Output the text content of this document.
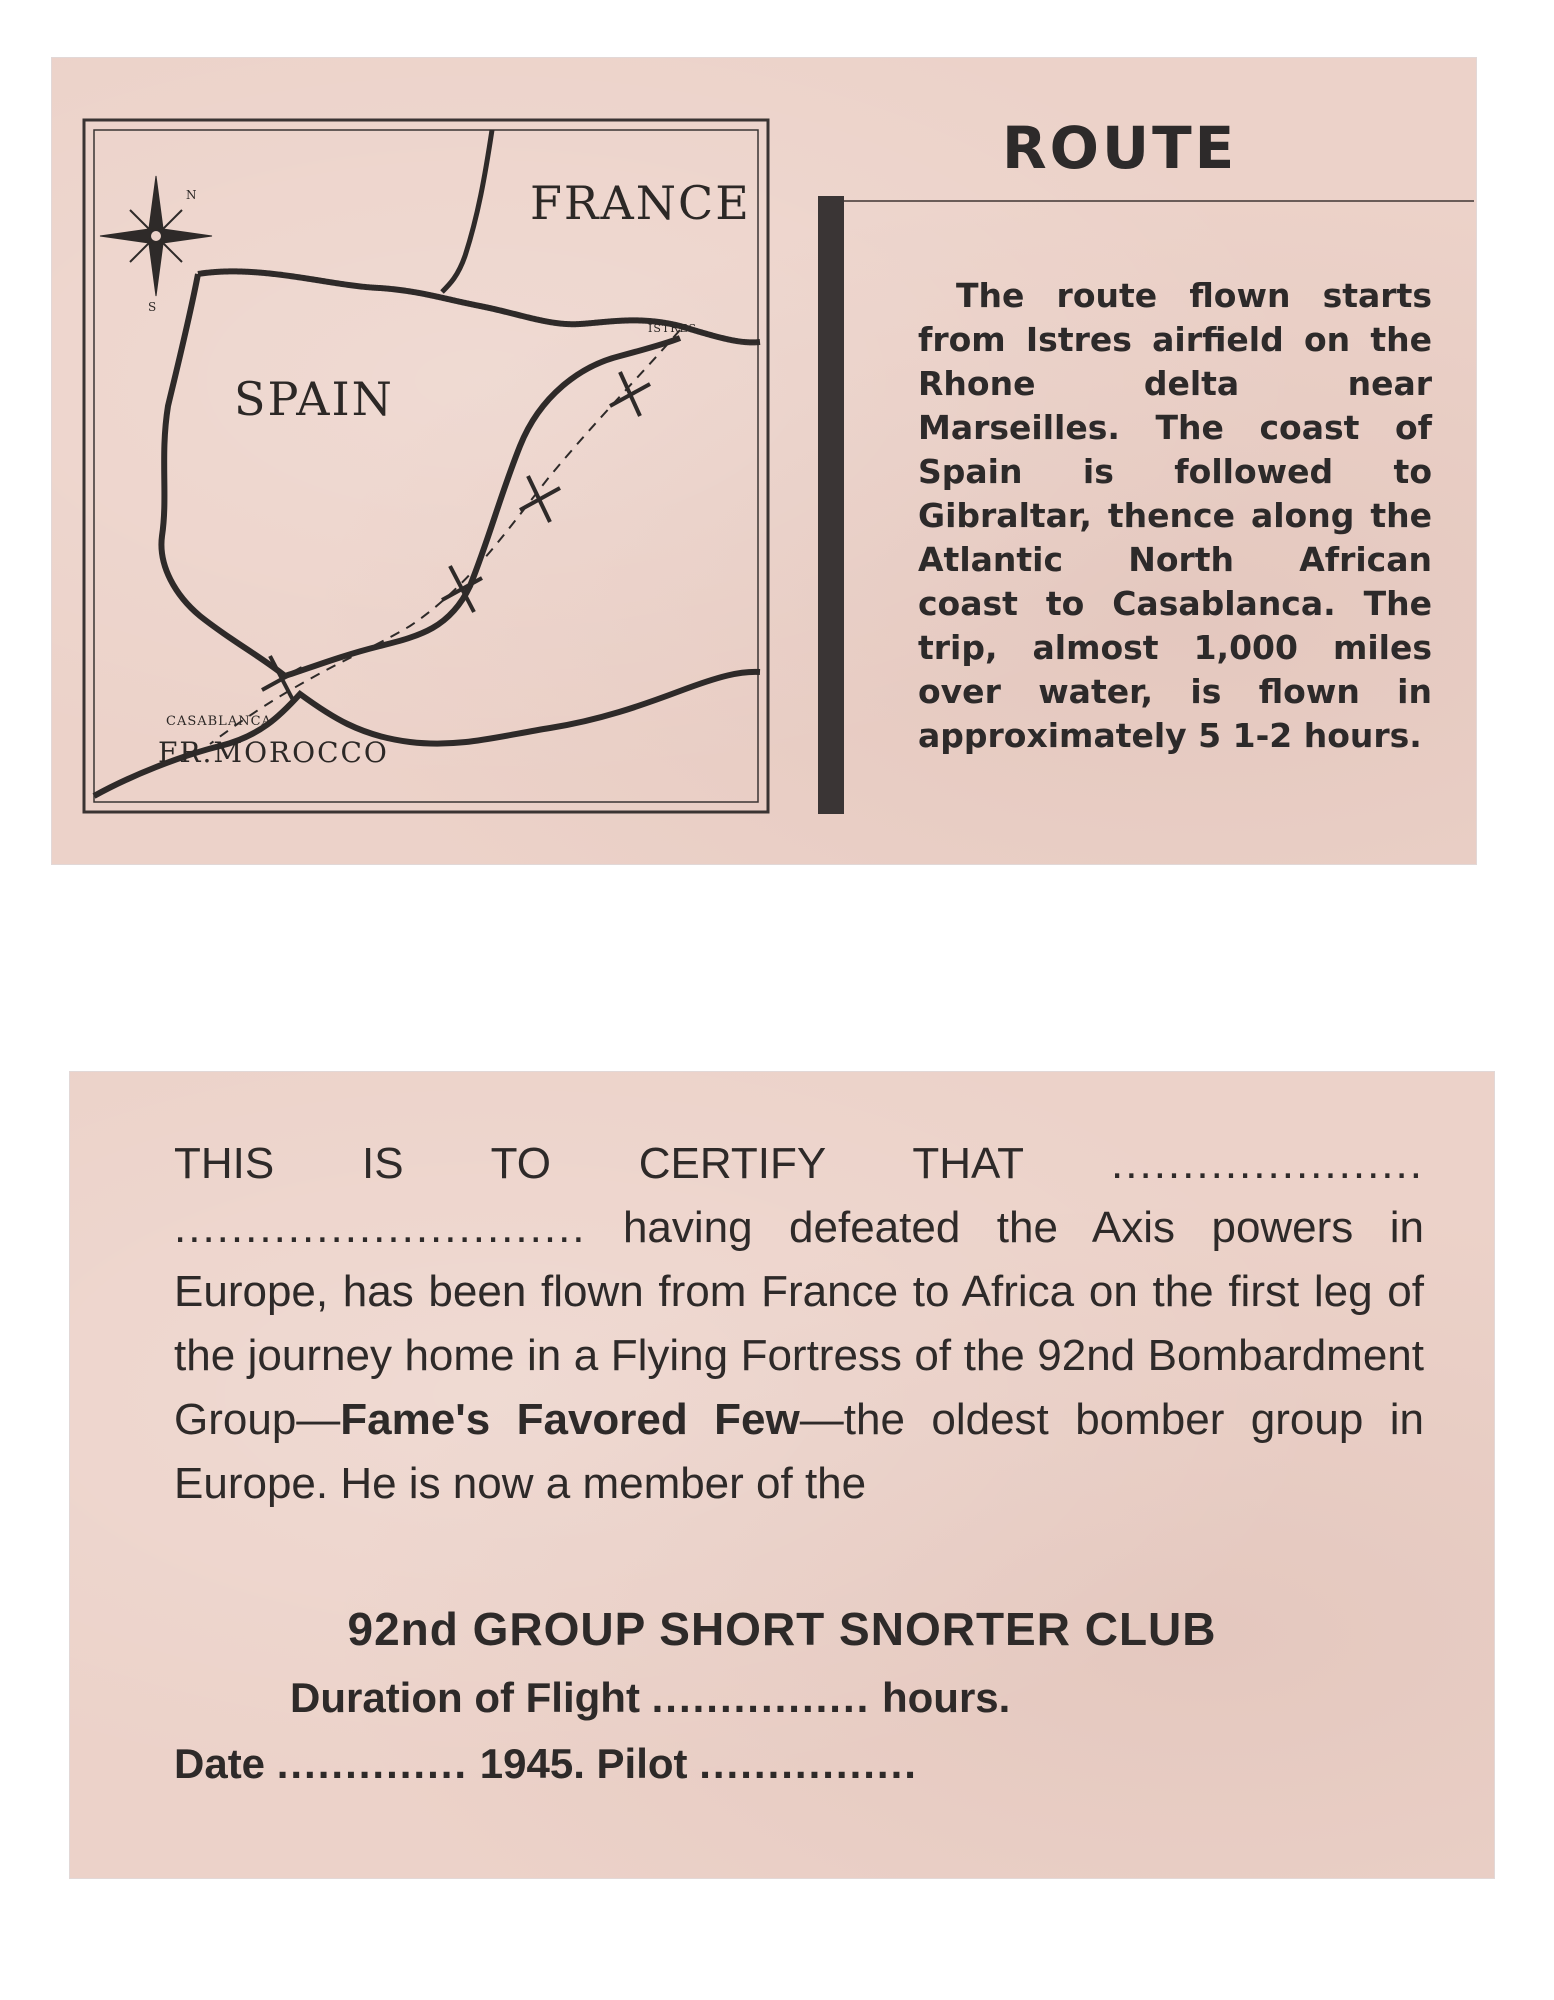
FRANCE
SPAIN
CASABLANCA
FR.MOROCCO
ISTRES
N
S
ROUTE
The route flown starts from Istres airfield on the Rhone delta near Marseilles. The coast of Spain is followed to Gibraltar, thence along the Atlantic North African coast to Casablanca. The trip, almost 1,000 miles over water, is flown in approximately 5 1-2 hours.
THIS IS TO CERTIFY THAT ...................... ............................. having defeated the Axis powers in Europe, has been flown from France to Africa on the first leg of the journey home in a Flying Fortress of the 92nd Bombardment Group—Fame's Favored Few—the oldest bomber group in Europe. He is now a member of the
92nd GROUP SHORT SNORTER CLUB
Duration of Flight ................ hours.
Date .............. 1945. Pilot ................
